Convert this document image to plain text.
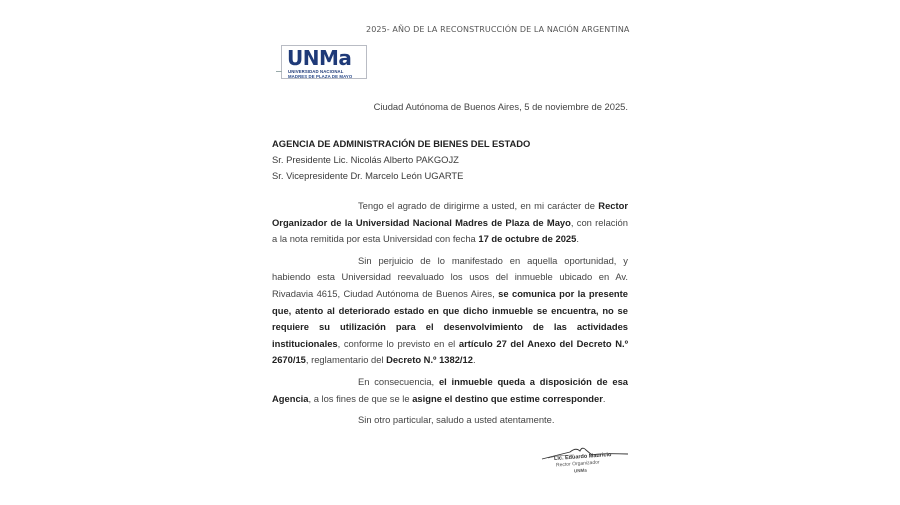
2025- AÑO DE LA RECONSTRUCCIÓN DE LA NACIÓN ARGENTINA
UNMa
UNIVERSIDAD NACIONAL
MADRES DE PLAZA DE MAYO
Ciudad Autónoma de Buenos Aires, 5 de noviembre de 2025.
AGENCIA DE ADMINISTRACIÓN DE BIENES DEL ESTADO
Sr. Presidente Lic. Nicolás Alberto PAKGOJZ
Sr. Vicepresidente Dr. Marcelo León UGARTE

Tengo el agrado de dirigirme a usted, en mi carácter de Rector Organizador de la Universidad Nacional Madres de Plaza de Mayo, con relación a la nota remitida por esta Universidad con fecha 17 de octubre de 2025.

Sin perjuicio de lo manifestado en aquella oportunidad, y habiendo esta Universidad reevaluado los usos del inmueble ubicado en Av. Rivadavia 4615, Ciudad Autónoma de Buenos Aires, se comunica por la presente que, atento al deteriorado estado en que dicho inmueble se encuentra, no se requiere su utilización para el desenvolvimiento de las actividades institucionales, conforme lo previsto en el artículo 27 del Anexo del Decreto N.º 2670/15, reglamentario del Decreto N.º 1382/12.

En consecuencia, el inmueble queda a disposición de esa Agencia, a los fines de que se le asigne el destino que estime corresponder.

Sin otro particular, saludo a usted atentamente.

Lic. Eduardo Mauricio
Rector Organizador
UNMa
